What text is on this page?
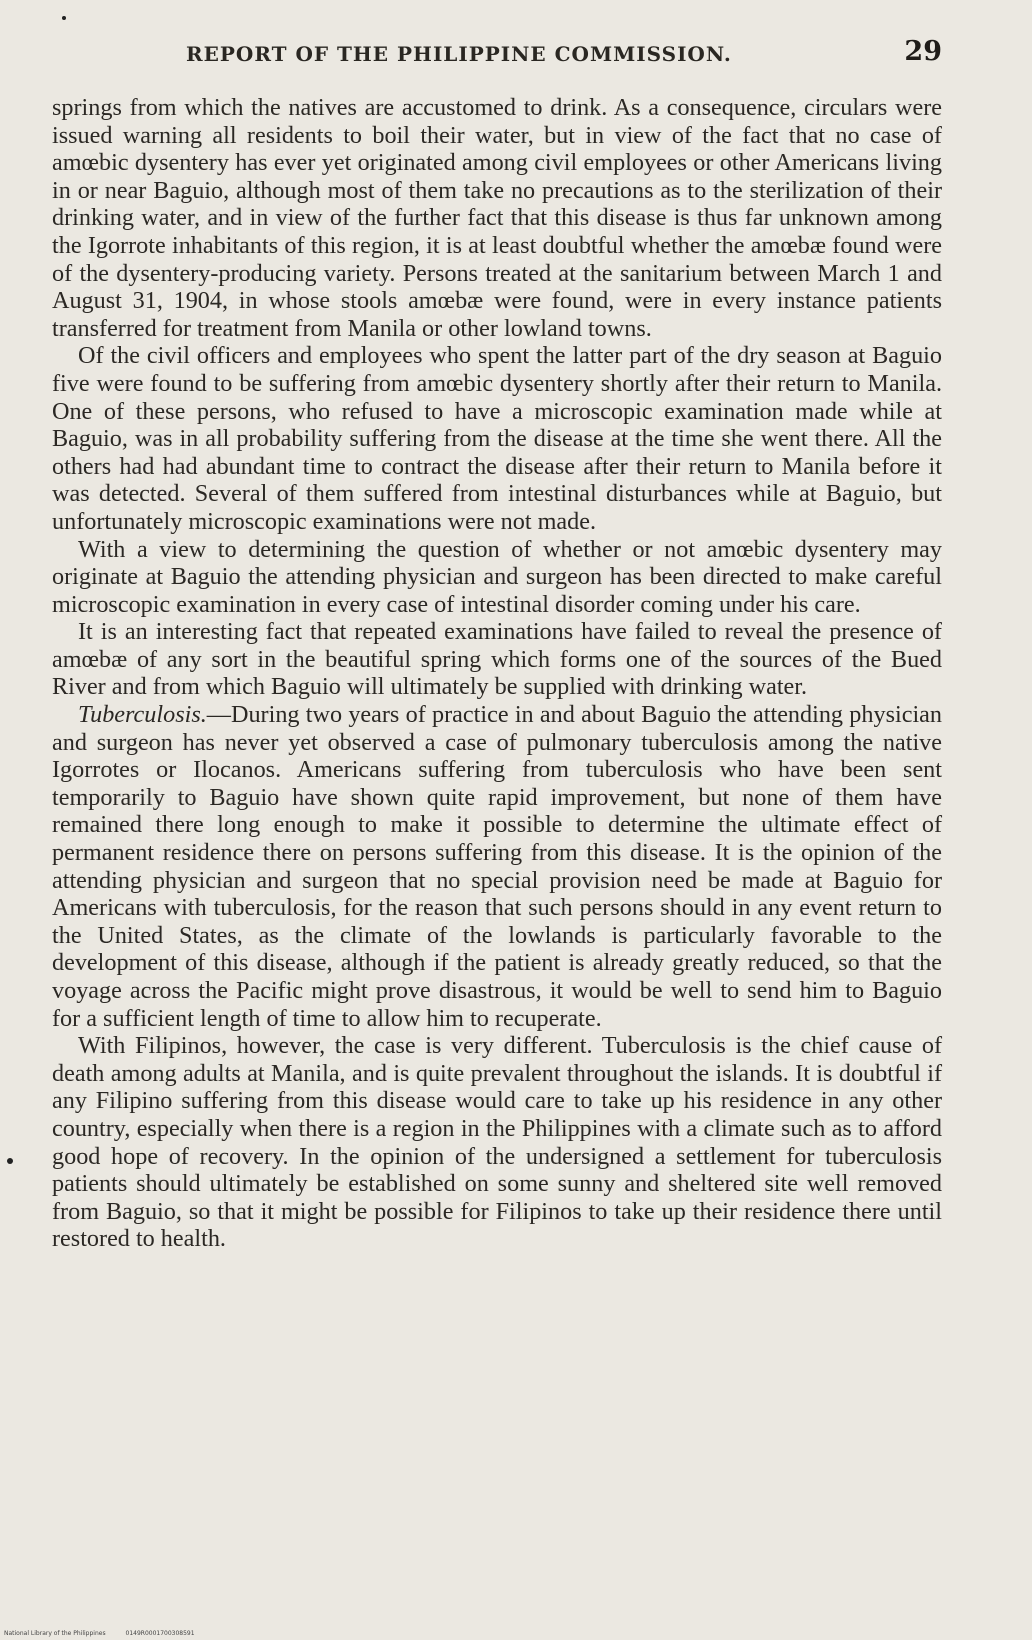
REPORT OF THE PHILIPPINE COMMISSION.	29

springs from which the natives are accustomed to drink. As a consequence, circulars were issued warning all residents to boil their water, but in view of the fact that no case of amœbic dysentery has ever yet originated among civil employees or other Americans living in or near Baguio, although most of them take no precautions as to the sterilization of their drinking water, and in view of the further fact that this disease is thus far unknown among the Igorrote inhabitants of this region, it is at least doubtful whether the amœbæ found were of the dysentery-producing variety. Persons treated at the sanitarium between March 1 and August 31, 1904, in whose stools amœbæ were found, were in every instance patients transferred for treatment from Manila or other lowland towns.

Of the civil officers and employees who spent the latter part of the dry season at Baguio five were found to be suffering from amœbic dysentery shortly after their return to Manila. One of these persons, who refused to have a microscopic examination made while at Baguio, was in all probability suffering from the disease at the time she went there. All the others had had abundant time to contract the disease after their return to Manila before it was detected. Several of them suffered from intestinal disturbances while at Baguio, but unfortunately microscopic examinations were not made.

With a view to determining the question of whether or not amœbic dysentery may originate at Baguio the attending physician and surgeon has been directed to make careful microscopic examination in every case of intestinal disorder coming under his care.

It is an interesting fact that repeated examinations have failed to reveal the presence of amœbæ of any sort in the beautiful spring which forms one of the sources of the Bued River and from which Baguio will ultimately be supplied with drinking water.

Tuberculosis.—During two years of practice in and about Baguio the attending physician and surgeon has never yet observed a case of pulmonary tuberculosis among the native Igorrotes or Ilocanos. Americans suffering from tuberculosis who have been sent temporarily to Baguio have shown quite rapid improvement, but none of them have remained there long enough to make it possible to determine the ultimate effect of permanent residence there on persons suffering from this disease. It is the opinion of the attending physician and surgeon that no special provision need be made at Baguio for Americans with tuberculosis, for the reason that such persons should in any event return to the United States, as the climate of the lowlands is particularly favorable to the development of this disease, although if the patient is already greatly reduced, so that the voyage across the Pacific might prove disastrous, it would be well to send him to Baguio for a sufficient length of time to allow him to recuperate.

With Filipinos, however, the case is very different. Tuberculosis is the chief cause of death among adults at Manila, and is quite prevalent throughout the islands. It is doubtful if any Filipino suffering from this disease would care to take up his residence in any other country, especially when there is a region in the Philippines with a climate such as to afford good hope of recovery. In the opinion of the undersigned a settlement for tuberculosis patients should ultimately be established on some sunny and sheltered site well removed from Baguio, so that it might be possible for Filipinos to take up their residence there until restored to health.

National Library of the Philippines	0149R0001700308591
